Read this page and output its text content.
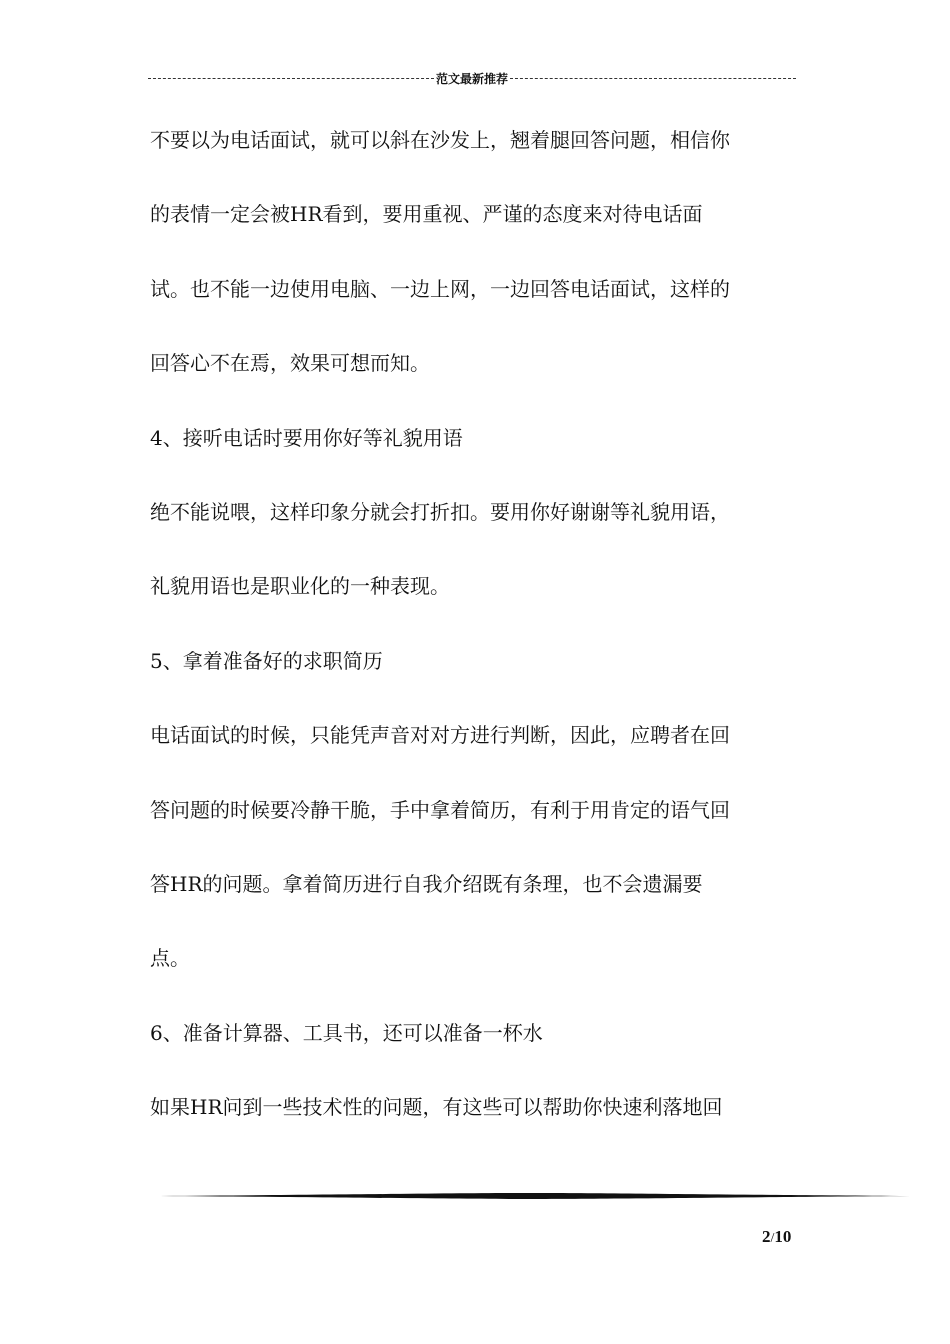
范文最新推荐

不要以为电话面试，就可以斜在沙发上，翘着腿回答问题，相信你

的表情一定会被HR看到，要用重视、严谨的态度来对待电话面

试。也不能一边使用电脑、一边上网，一边回答电话面试，这样的

回答心不在焉，效果可想而知。

4、接听电话时要用你好等礼貌用语

绝不能说喂，这样印象分就会打折扣。要用你好谢谢等礼貌用语，

礼貌用语也是职业化的一种表现。

5、拿着准备好的求职简历

电话面试的时候，只能凭声音对对方进行判断，因此，应聘者在回

答问题的时候要冷静干脆，手中拿着简历，有利于用肯定的语气回

答HR的问题。拿着简历进行自我介绍既有条理，也不会遗漏要

点。

6、准备计算器、工具书，还可以准备一杯水

如果HR问到一些技术性的问题，有这些可以帮助你快速利落地回

2/10
